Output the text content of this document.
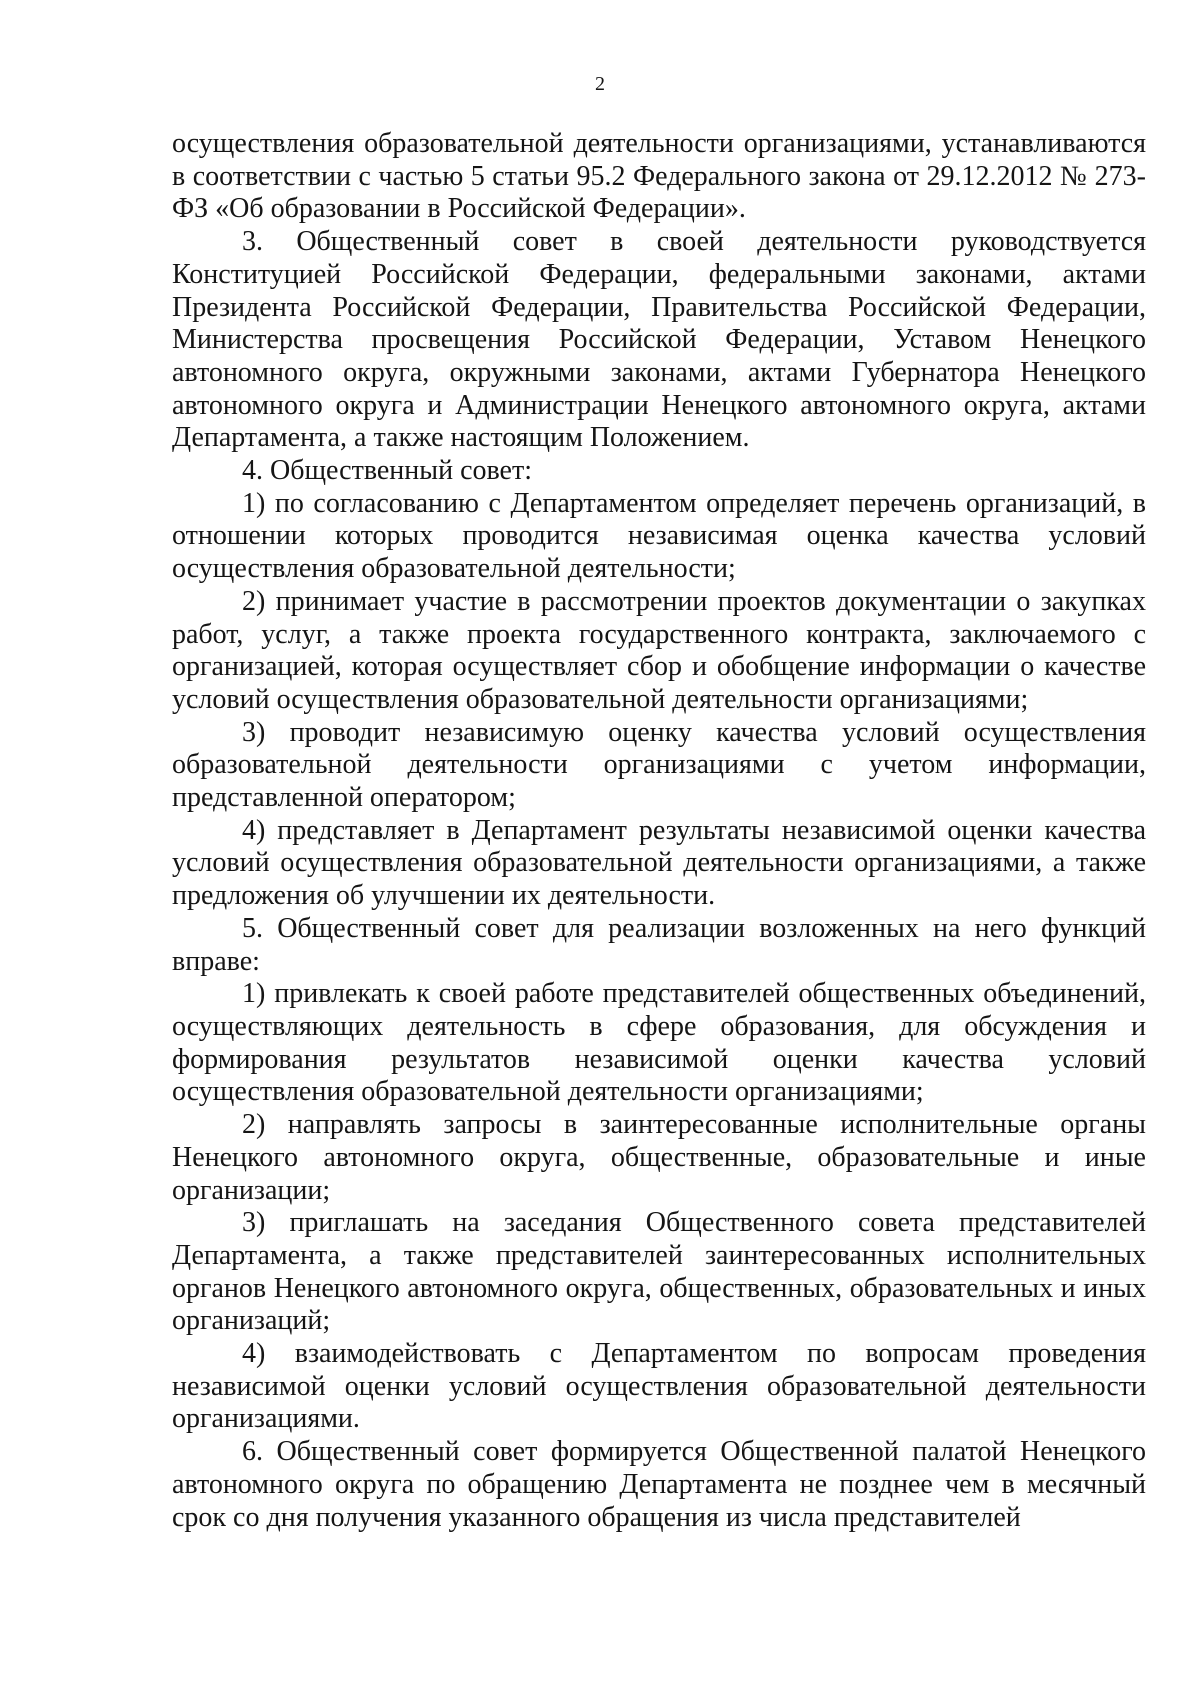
2

осуществления образовательной деятельности организациями, устанавливаются в соответствии с частью 5 статьи 95.2 Федерального закона от 29.12.2012 № 273-ФЗ «Об образовании в Российской Федерации».

3. Общественный совет в своей деятельности руководствуется Конституцией Российской Федерации, федеральными законами, актами Президента Российской Федерации, Правительства Российской Федерации, Министерства просвещения Российской Федерации, Уставом Ненецкого автономного округа, окружными законами, актами Губернатора Ненецкого автономного округа и Администрации Ненецкого автономного округа, актами Департамента, а также настоящим Положением.

4. Общественный совет:

1) по согласованию с Департаментом определяет перечень организаций, в отношении которых проводится независимая оценка качества условий осуществления образовательной деятельности;

2) принимает участие в рассмотрении проектов документации о закупках работ, услуг, а также проекта государственного контракта, заключаемого с организацией, которая осуществляет сбор и обобщение информации о качестве условий осуществления образовательной деятельности организациями;

3) проводит независимую оценку качества условий осуществления образовательной деятельности организациями с учетом информации, представленной оператором;

4) представляет в Департамент результаты независимой оценки качества условий осуществления образовательной деятельности организациями, а также предложения об улучшении их деятельности.

5. Общественный совет для реализации возложенных на него функций вправе:

1) привлекать к своей работе представителей общественных объединений, осуществляющих деятельность в сфере образования, для обсуждения и формирования результатов независимой оценки качества условий осуществления образовательной деятельности организациями;

2) направлять запросы в заинтересованные исполнительные органы Ненецкого автономного округа, общественные, образовательные и иные организации;

3) приглашать на заседания Общественного совета представителей Департамента, а также представителей заинтересованных исполнительных органов Ненецкого автономного округа, общественных, образовательных и иных организаций;

4) взаимодействовать с Департаментом по вопросам проведения независимой оценки условий осуществления образовательной деятельности организациями.

6. Общественный совет формируется Общественной палатой Ненецкого автономного округа по обращению Департамента не позднее чем в месячный срок со дня получения указанного обращения из числа представителей
